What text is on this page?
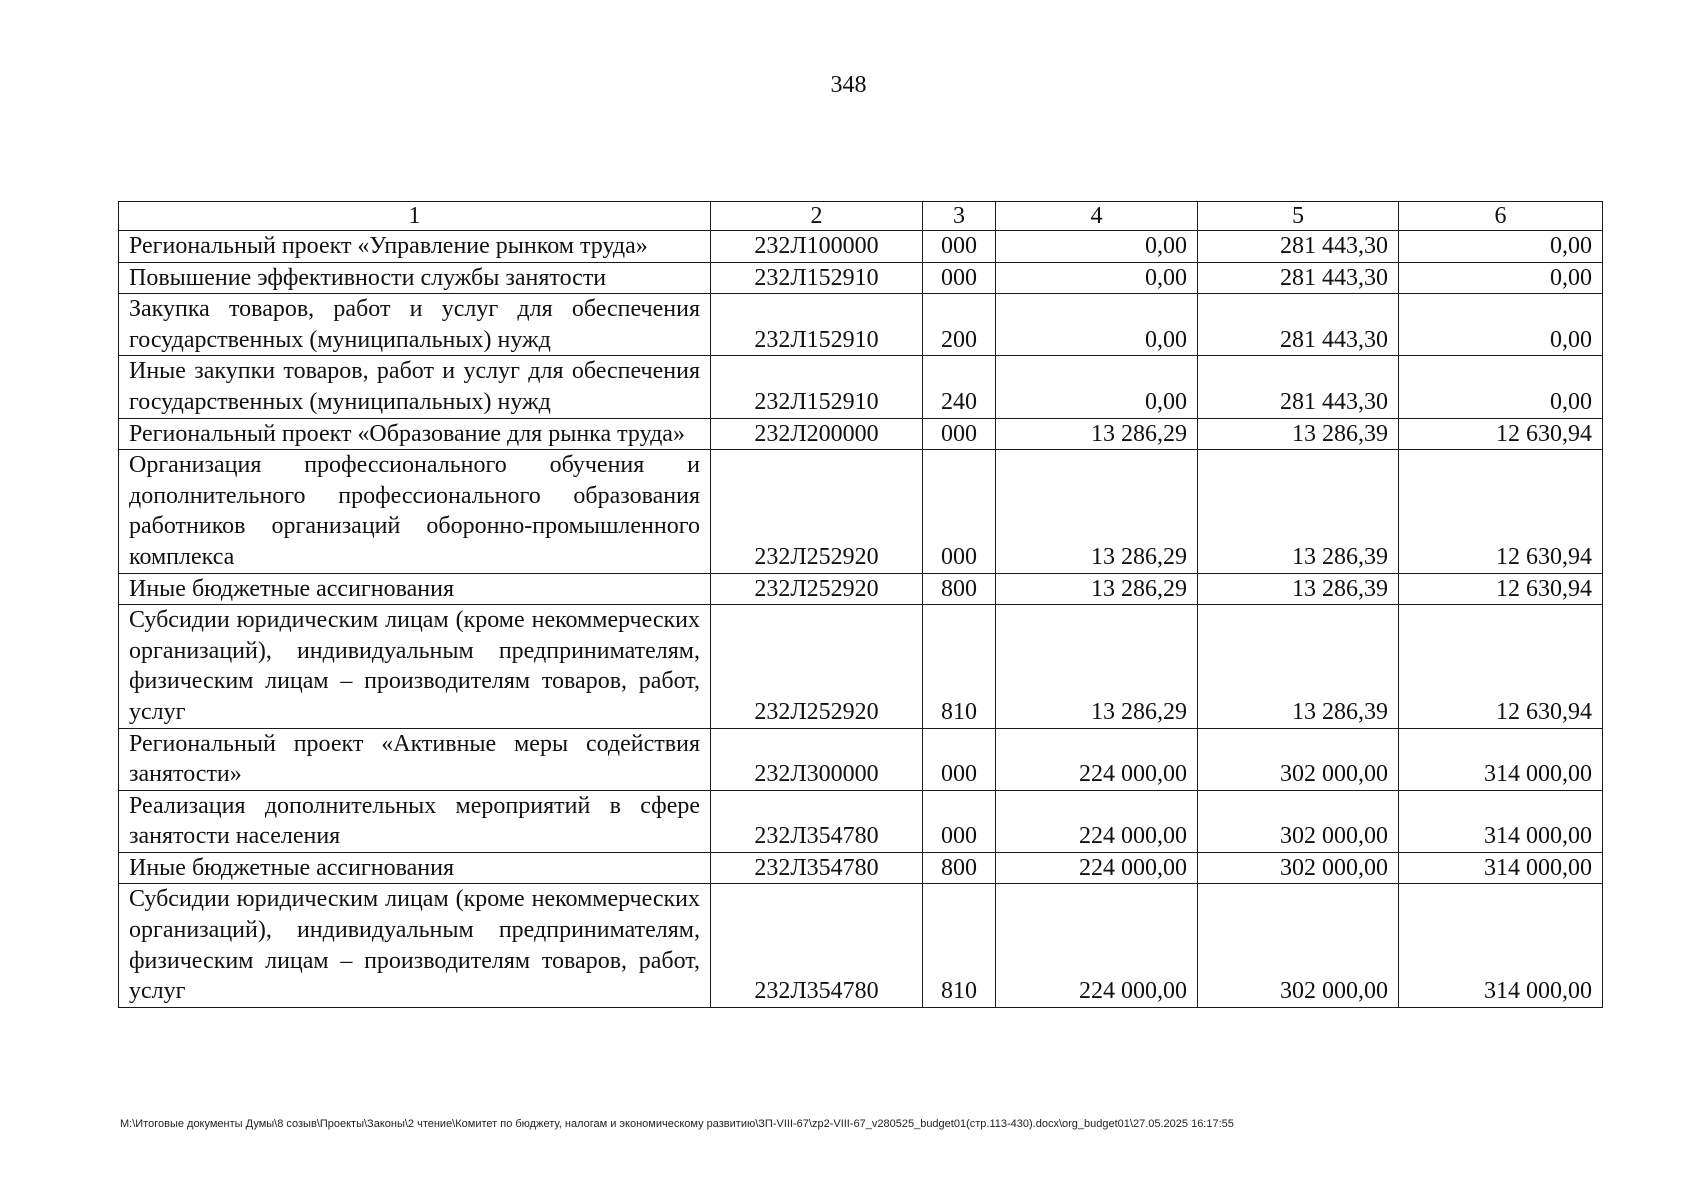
348
1	2	3	4	5	6
Региональный проект «Управление рынком труда»	232Л100000	000	0,00	281 443,30	0,00
Повышение эффективности службы занятости	232Л152910	000	0,00	281 443,30	0,00
Закупка товаров, работ и услуг для обеспечения государственных (муниципальных) нужд	232Л152910	200	0,00	281 443,30	0,00
Иные закупки товаров, работ и услуг для обеспечения государственных (муниципальных) нужд	232Л152910	240	0,00	281 443,30	0,00
Региональный проект «Образование для рынка труда»	232Л200000	000	13 286,29	13 286,39	12 630,94
Организация профессионального обучения и дополнительного профессионального образования работников организаций оборонно-промышленного комплекса	232Л252920	000	13 286,29	13 286,39	12 630,94
Иные бюджетные ассигнования	232Л252920	800	13 286,29	13 286,39	12 630,94
Субсидии юридическим лицам (кроме некоммерческих организаций), индивидуальным предпринимателям, физическим лицам – производителям товаров, работ, услуг	232Л252920	810	13 286,29	13 286,39	12 630,94
Региональный проект «Активные меры содействия занятости»	232Л300000	000	224 000,00	302 000,00	314 000,00
Реализация дополнительных мероприятий в сфере занятости населения	232Л354780	000	224 000,00	302 000,00	314 000,00
Иные бюджетные ассигнования	232Л354780	800	224 000,00	302 000,00	314 000,00
Субсидии юридическим лицам (кроме некоммерческих организаций), индивидуальным предпринимателям, физическим лицам – производителям товаров, работ, услуг	232Л354780	810	224 000,00	302 000,00	314 000,00
M:\Итоговые документы Думы\8 созыв\Проекты\Законы\2 чтение\Комитет по бюджету, налогам и экономическому развитию\ЗП-VIII-67\zp2-VIII-67_v280525_budget01(стр.113-430).docx\org_budget01\27.05.2025 16:17:55
